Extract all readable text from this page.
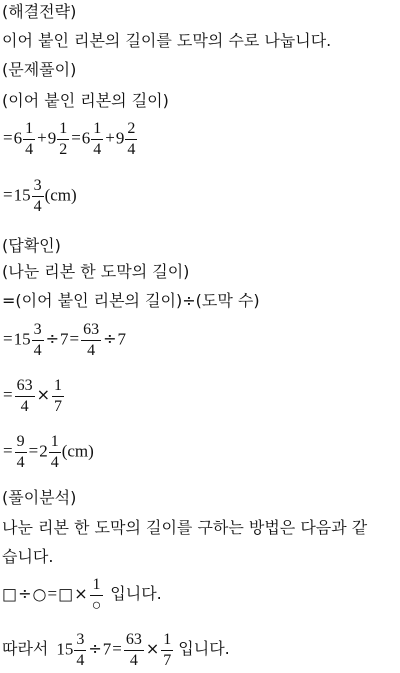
(해결전략)
이어 붙인 리본의 길이를 도막의 수로 나눕니다.
(문제풀이)
(이어 붙인 리본의 길이)
$=6 \frac{1}{4} +9 \frac{1}{2} =6 \frac{1}{4} +9 \frac{2}{4}$
$=15 \frac{3}{4} (cm)$
(답확인)
(나눈 리본 한 도막의 길이)
=(이어 붙인 리본의 길이)÷(도막 수)
$=15 \frac{3}{4} \div 7= \frac{63}{4} \div 7$
= $\frac{63}{4} \times \frac{1}{7}$
= $\frac{9}{4} =2 \frac{1}{4} (cm)$
(풀이분석)
나눈 리본 한 도막의 길이를 구하는 방법은 다음과 같
습니다.
□÷○=□× $\frac{1}{○}$ 입니다.
따라서 $15 \frac{3}{4} \div 7= \frac{63}{4} \times \frac{1}{7}$ 입니다.
